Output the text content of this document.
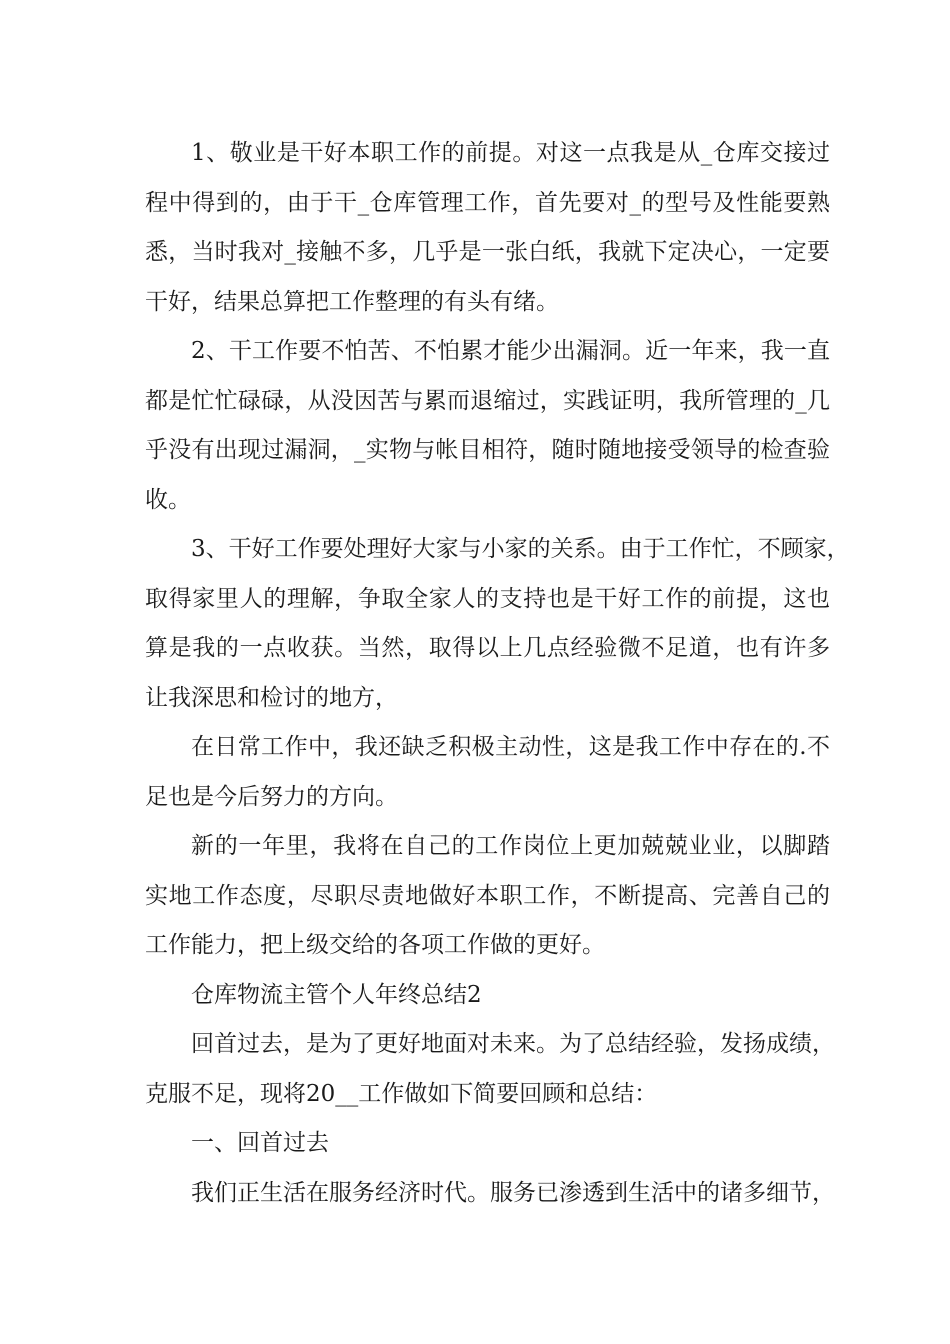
1、敬业是干好本职工作的前提。对这一点我是从_仓库交接过
程中得到的，由于干_仓库管理工作，首先要对_的型号及性能要熟
悉，当时我对_接触不多，几乎是一张白纸，我就下定决心，一定要
干好，结果总算把工作整理的有头有绪。
2、干工作要不怕苦、不怕累才能少出漏洞。近一年来，我一直
都是忙忙碌碌，从没因苦与累而退缩过，实践证明，我所管理的_几
乎没有出现过漏洞，_实物与帐目相符，随时随地接受领导的检查验
收。
3、干好工作要处理好大家与小家的关系。由于工作忙，不顾家，
取得家里人的理解，争取全家人的支持也是干好工作的前提，这也
算是我的一点收获。当然，取得以上几点经验微不足道，也有许多
让我深思和检讨的地方，
在日常工作中，我还缺乏积极主动性，这是我工作中存在的.不
足也是今后努力的方向。
新的一年里，我将在自己的工作岗位上更加兢兢业业，以脚踏
实地工作态度，尽职尽责地做好本职工作，不断提高、完善自己的
工作能力，把上级交给的各项工作做的更好。
仓库物流主管个人年终总结2
回首过去，是为了更好地面对未来。为了总结经验，发扬成绩，
克服不足，现将20__工作做如下简要回顾和总结：
一、回首过去
我们正生活在服务经济时代。服务已渗透到生活中的诸多细节，
